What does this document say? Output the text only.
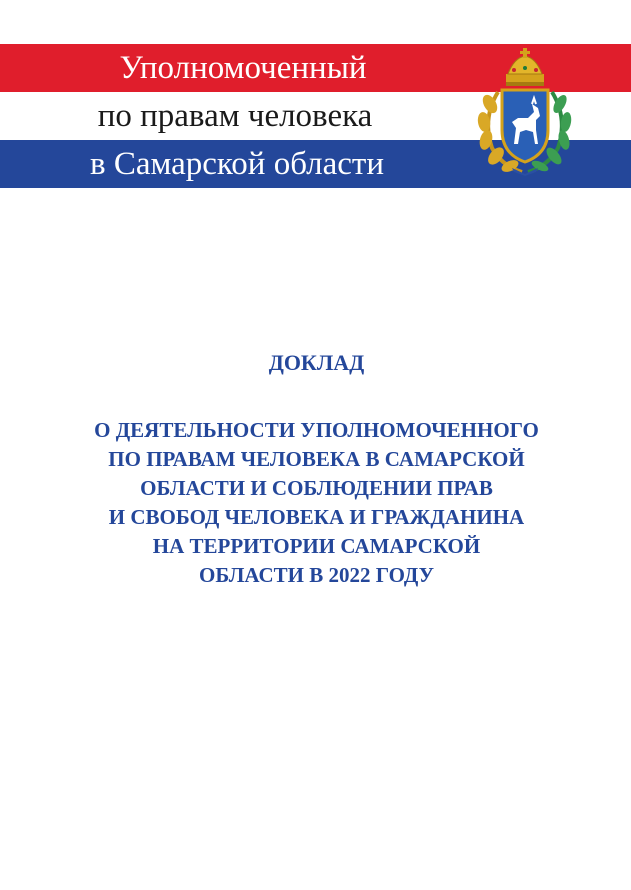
Уполномоченный
по правам человека
в Самарской области
ДОКЛАД
О ДЕЯТЕЛЬНОСТИ УПОЛНОМОЧЕННОГО
ПО ПРАВАМ ЧЕЛОВЕКА В САМАРСКОЙ
ОБЛАСТИ И СОБЛЮДЕНИИ ПРАВ
И СВОБОД ЧЕЛОВЕКА И ГРАЖДАНИНА
НА ТЕРРИТОРИИ САМАРСКОЙ
ОБЛАСТИ В 2022 ГОДУ
